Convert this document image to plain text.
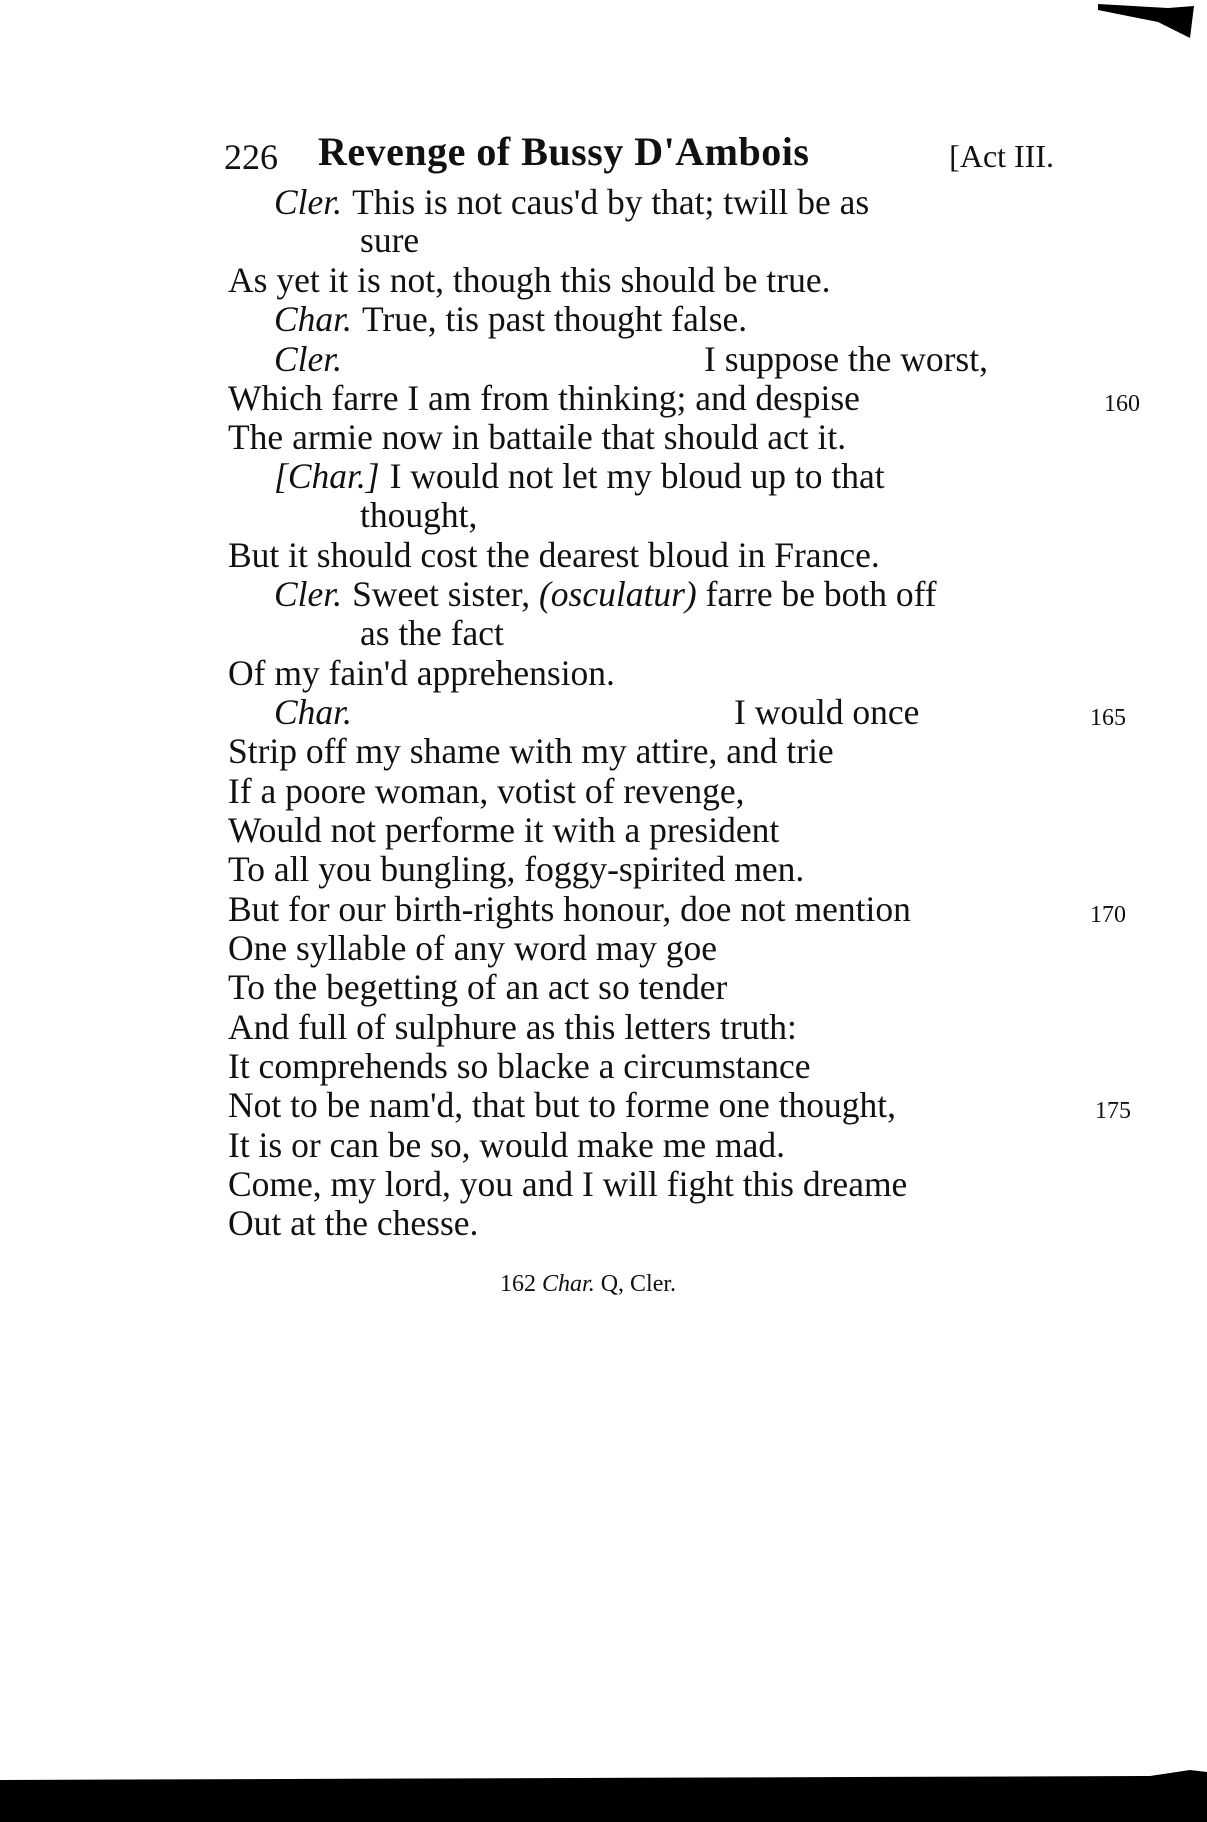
226 Revenge of Bussy D'Ambois	[Act III.
Cler. This is not caus'd by that; twill be as
sure
As yet it is not, though this should be true.
Char. True, tis past thought false.
Cler.	I suppose the worst,
Which farre I am from thinking; and despise	160
The armie now in battaile that should act it.
[Char.] I would not let my bloud up to that
thought,
But it should cost the dearest bloud in France.
Cler. Sweet sister, (osculatur) farre be both off
as the fact
Of my fain'd apprehension.
Char.	I would once	165
Strip off my shame with my attire, and trie
If a poore woman, votist of revenge,
Would not performe it with a president
To all you bungling, foggy-spirited men.
But for our birth-rights honour, doe not mention	170
One syllable of any word may goe
To the begetting of an act so tender
And full of sulphure as this letters truth:
It comprehends so blacke a circumstance
Not to be nam'd, that but to forme one thought,	175
It is or can be so, would make me mad.
Come, my lord, you and I will fight this dreame
Out at the chesse.
162 Char. Q, Cler.
